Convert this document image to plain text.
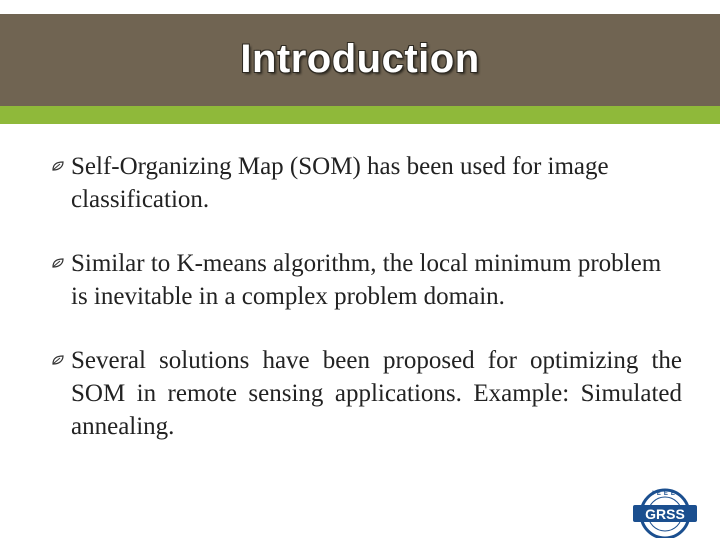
Introduction
Self-Organizing Map (SOM) has been used for image classification.
Similar to K-means algorithm, the local minimum problem is inevitable in a complex problem domain.
Several solutions have been proposed for optimizing the SOM in remote sensing applications. Example: Simulated annealing.
GRSS
IEEE
